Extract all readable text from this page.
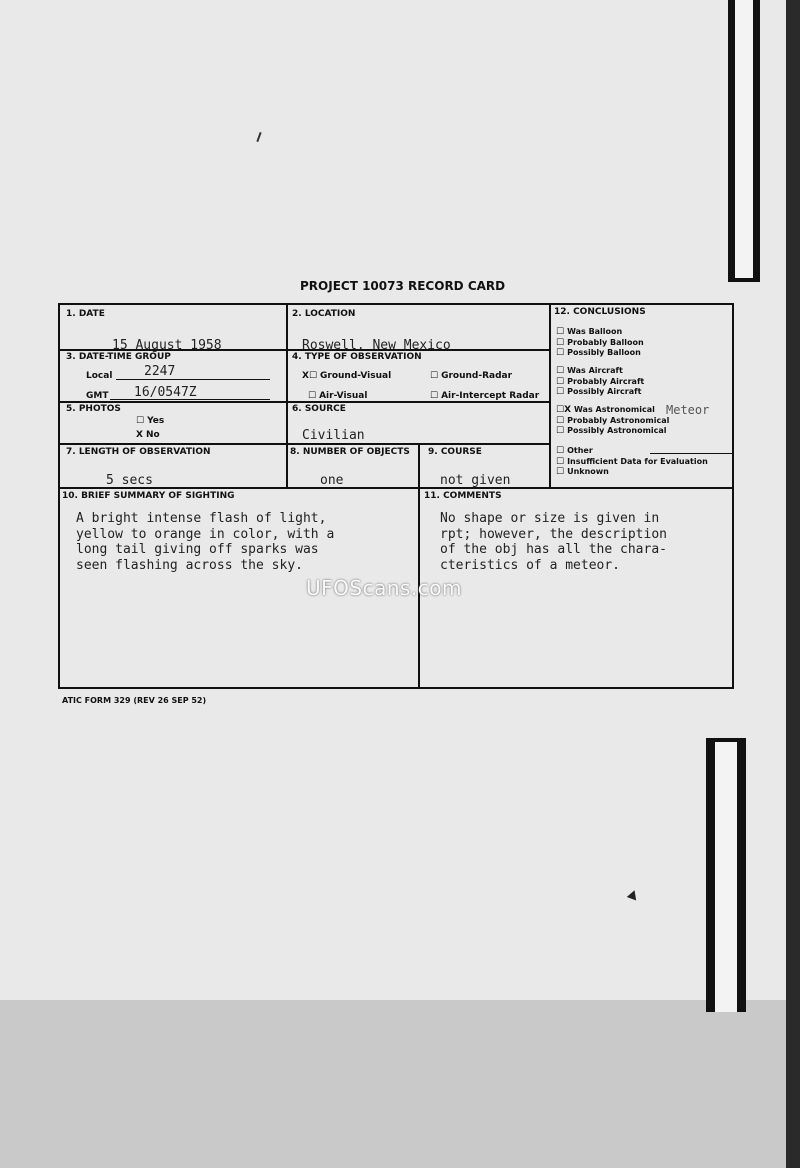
PROJECT 10073 RECORD CARD
1. DATE
15 August 1958
2. LOCATION
Roswell, New Mexico
3. DATE-TIME GROUP
Local 2247
GMT 16/0547Z
4. TYPE OF OBSERVATION
X☐ Ground-Visual	☐ Ground-Radar
☐ Air-Visual	☐ Air-Intercept Radar
5. PHOTOS
☐ Yes
X No
6. SOURCE
Civilian
7. LENGTH OF OBSERVATION
5 secs
8. NUMBER OF OBJECTS
one
9. COURSE
not given
10. BRIEF SUMMARY OF SIGHTING
A bright intense flash of light,
yellow to orange in color, with a
long tail giving off sparks was
seen flashing across the sky.
11. COMMENTS
No shape or size is given in
rpt; however, the description
of the obj has all the chara-
cteristics of a meteor.
12. CONCLUSIONS
☐ Was Balloon
☐ Probably Balloon
☐ Possibly Balloon
☐ Was Aircraft
☐ Probably Aircraft
☐ Possibly Aircraft
☐X Was Astronomical
☐ Probably Astronomical
☐ Possibly Astronomical
Meteor
☐ Other
☐ Insufficient Data for Evaluation
☐ Unknown
UFOScans.com
ATIC FORM 329 (REV 26 SEP 52)
